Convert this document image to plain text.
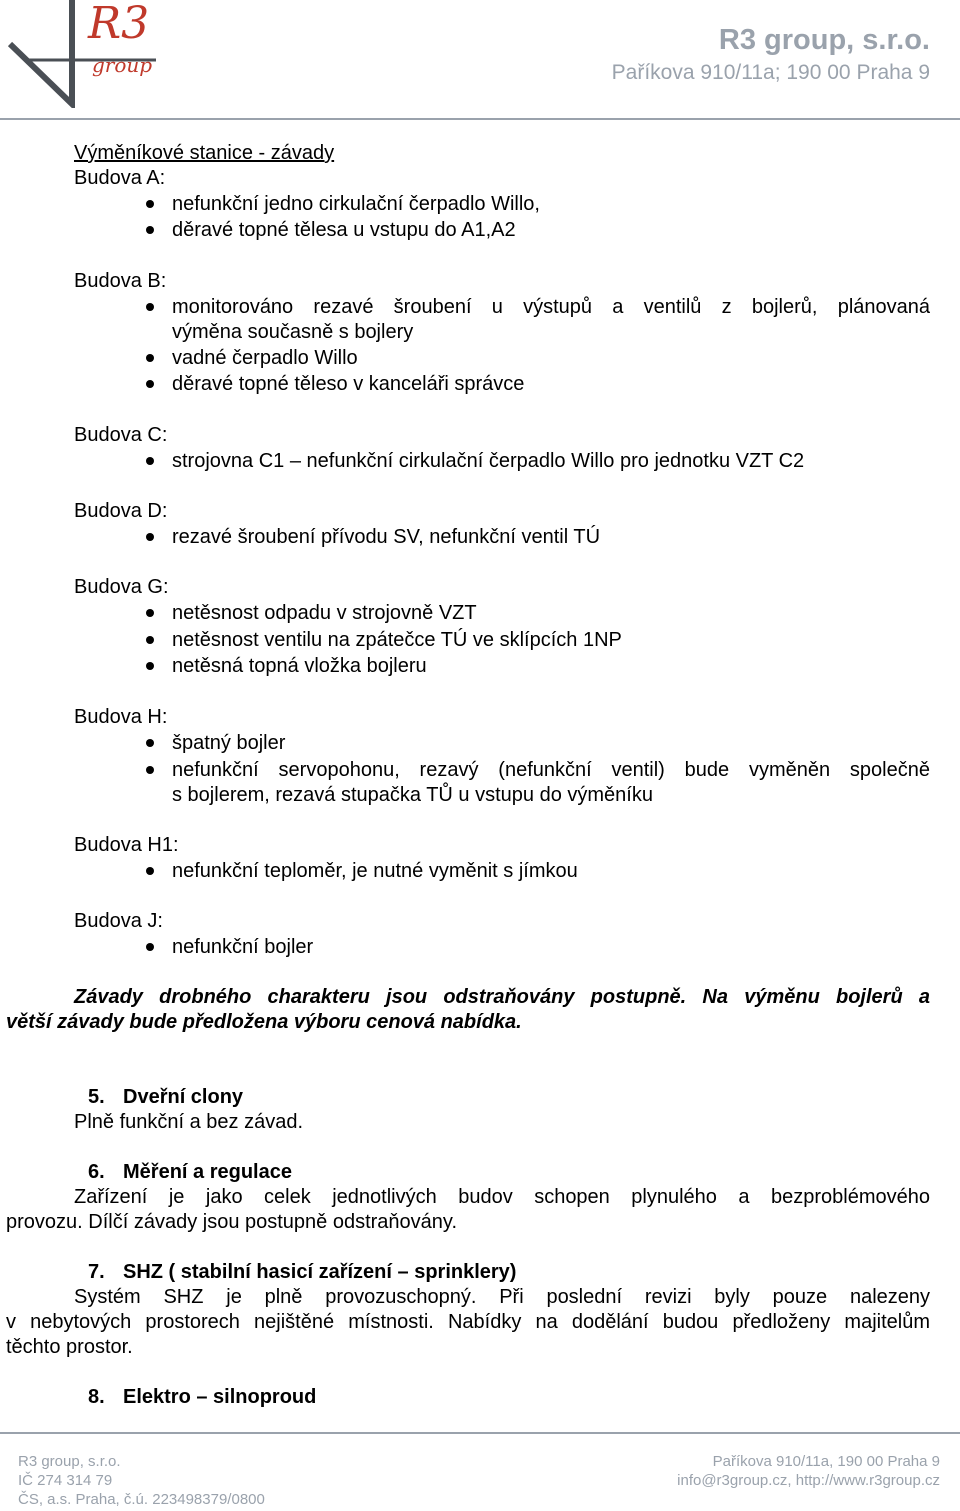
R3
group
R3 group, s.r.o.
Paříkova 910/11a; 190 00 Praha 9
Výměníkové stanice - závady
Budova A:
nefunkční jedno cirkulační čerpadlo Willo,
děravé topné tělesa u vstupu do A1,A2
Budova B:
monitorováno rezavé šroubení u výstupů a ventilů z bojlerů, plánovaná
výměna současně s bojlery
vadné čerpadlo Willo
děravé topné těleso v kanceláři správce
Budova C:
strojovna C1 – nefunkční cirkulační čerpadlo Willo pro jednotku VZT C2
Budova D:
rezavé šroubení přívodu SV, nefunkční ventil TÚ
Budova G:
netěsnost odpadu v strojovně VZT
netěsnost ventilu na zpátečce TÚ ve sklípcích 1NP
netěsná topná vložka bojleru
Budova H:
špatný bojler
nefunkční servopohonu, rezavý (nefunkční ventil) bude vyměněn společně
s bojlerem, rezavá stupačka TŮ u vstupu do výměníku
Budova H1:
nefunkční teploměr, je nutné vyměnit s jímkou
Budova J:
nefunkční bojler
Závady drobného charakteru jsou odstraňovány postupně. Na výměnu bojlerů a
větší závady bude předložena výboru cenová nabídka.
5. Dveřní clony
Plně funkční a bez závad.
6. Měření a regulace
Zařízení je jako celek jednotlivých budov schopen plynulého a bezproblémového
provozu. Dílčí závady jsou postupně odstraňovány.
7. SHZ ( stabilní hasicí zařízení – sprinklery)
Systém SHZ je plně provozuschopný. Při poslední revizi byly pouze nalezeny
v nebytových prostorech nejištěné místnosti. Nabídky na dodělání budou předloženy majitelům
těchto prostor.
8. Elektro – silnoproud
R3 group, s.r.o.
IČ 274 314 79
ČS, a.s. Praha, č.ú. 223498379/0800
Paříkova 910/11a, 190 00 Praha 9
info@r3group.cz, http://www.r3group.cz
